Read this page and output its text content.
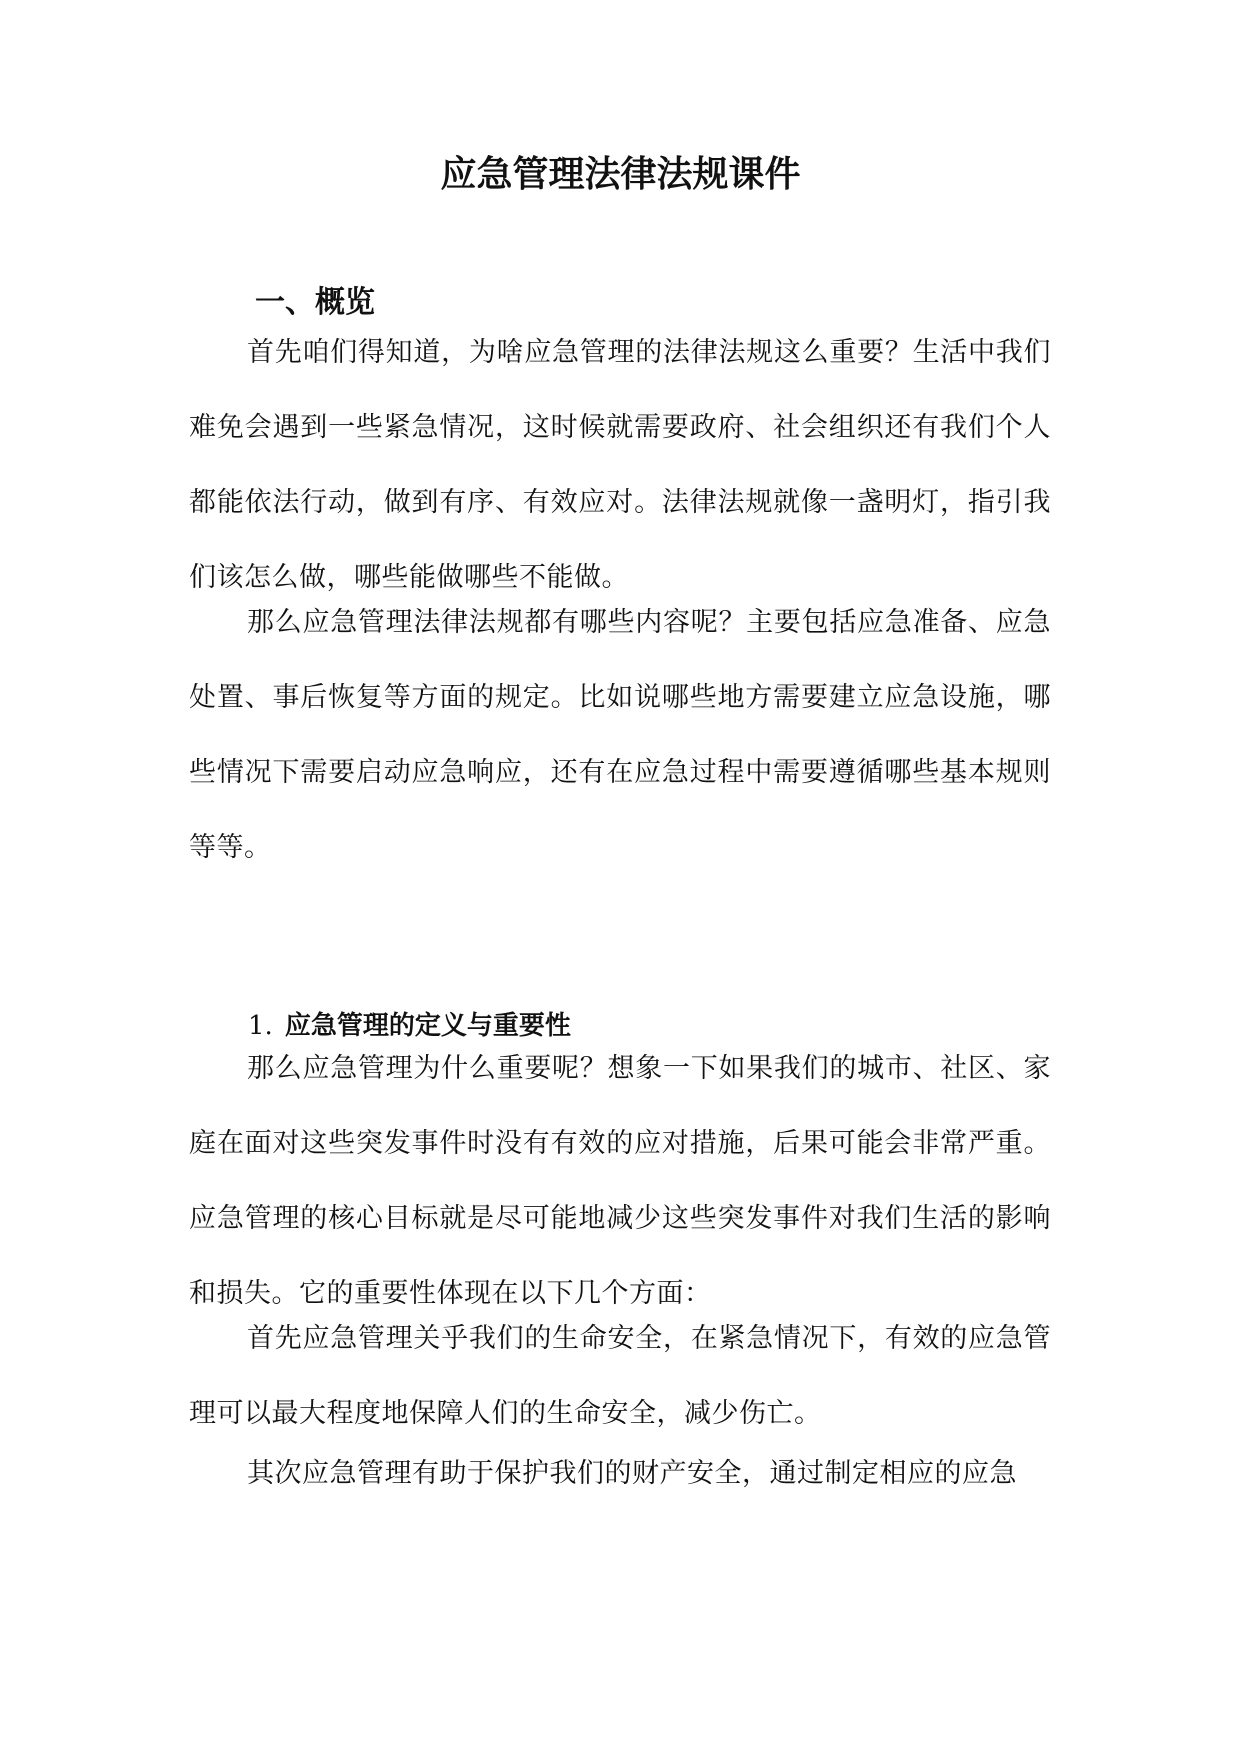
应急管理法律法规课件
一、概览

首先咱们得知道，为啥应急管理的法律法规这么重要？生活中我们难免会遇到一些紧急情况，这时候就需要政府、社会组织还有我们个人都能依法行动，做到有序、有效应对。法律法规就像一盏明灯，指引我们该怎么做，哪些能做哪些不能做。

那么应急管理法律法规都有哪些内容呢？主要包括应急准备、应急处置、事后恢复等方面的规定。比如说哪些地方需要建立应急设施，哪些情况下需要启动应急响应，还有在应急过程中需要遵循哪些基本规则等等。

1. 应急管理的定义与重要性

那么应急管理为什么重要呢？想象一下如果我们的城市、社区、家庭在面对这些突发事件时没有有效的应对措施，后果可能会非常严重。应急管理的核心目标就是尽可能地减少这些突发事件对我们生活的影响和损失。它的重要性体现在以下几个方面：

首先应急管理关乎我们的生命安全，在紧急情况下，有效的应急管理可以最大程度地保障人们的生命安全，减少伤亡。

其次应急管理有助于保护我们的财产安全，通过制定相应的应急
